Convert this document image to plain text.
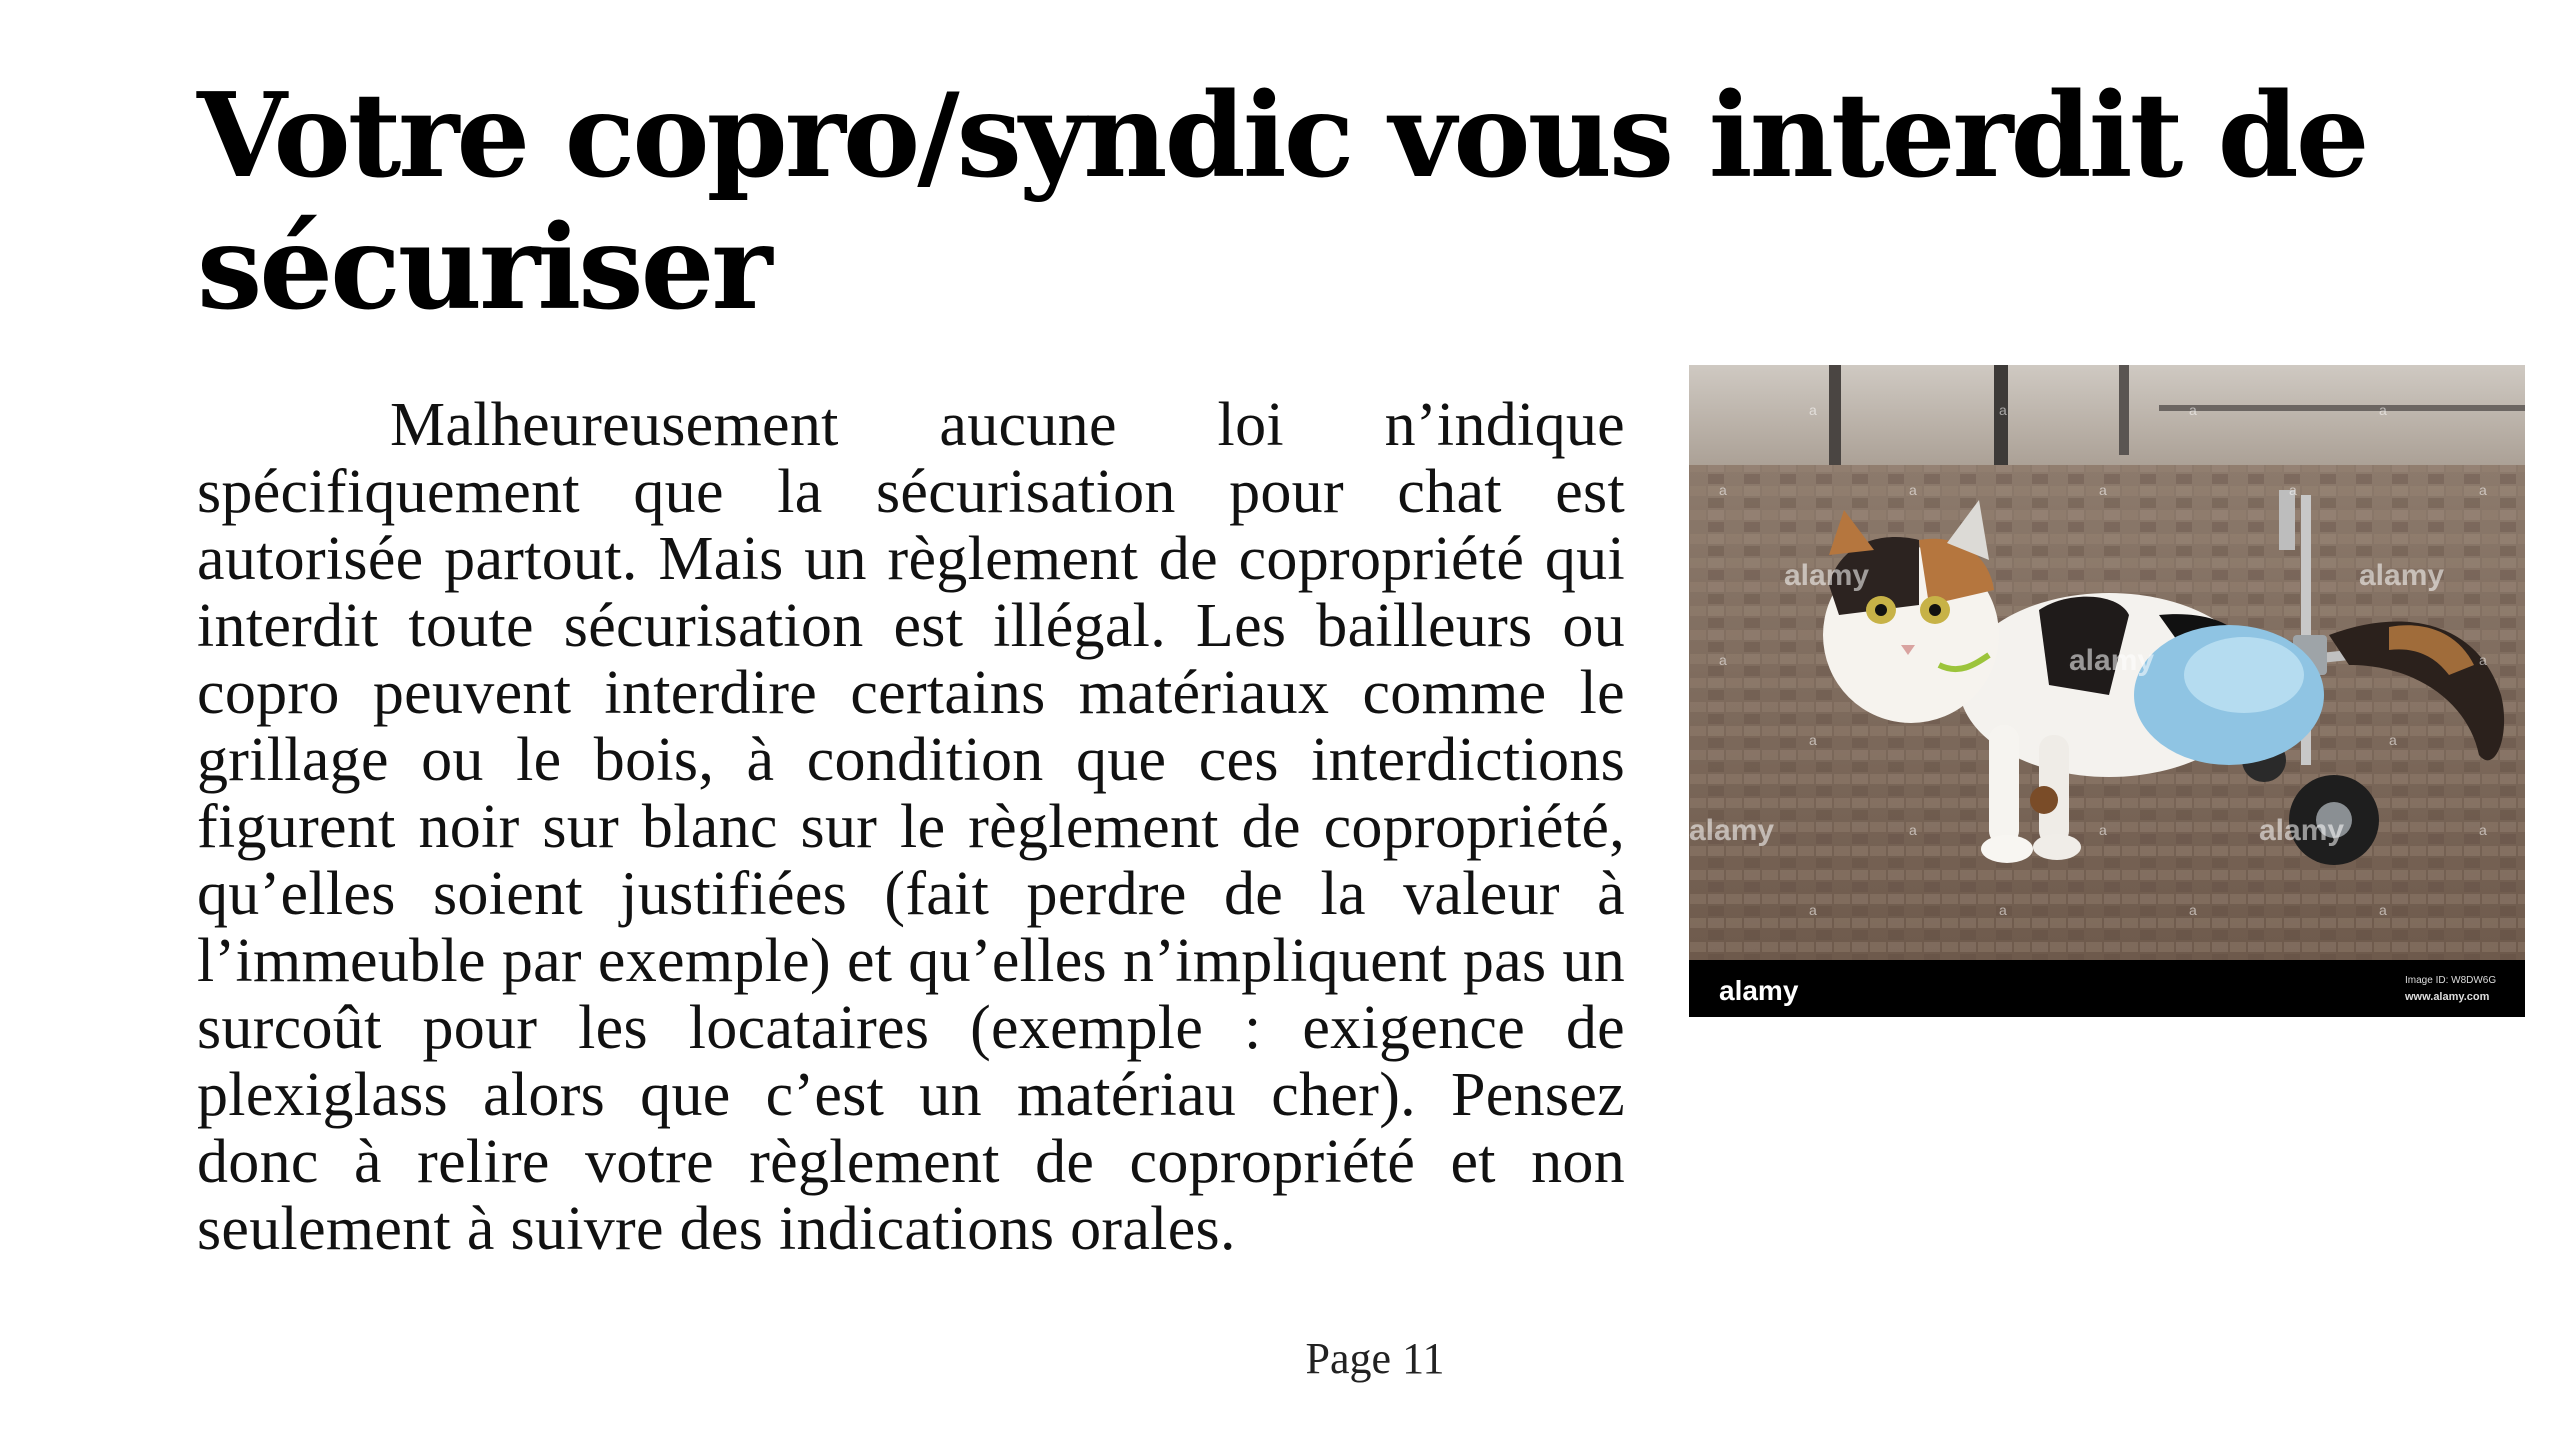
Votre copro/syndic vous interdit de sécuriser

Malheureusement aucune loi n’indique spécifiquement que la sécurisation pour chat est autorisée partout. Mais un règlement de copropriété qui interdit toute sécurisation est illégal. Les bailleurs ou copro peuvent interdire certains matériaux comme le grillage ou le bois, à condition que ces interdictions figurent noir sur blanc sur le règlement de copropriété, qu’elles soient justifiées (fait perdre de la valeur à l’immeuble par exemple) et qu’elles n’impliquent pas un surcoût pour les locataires (exemple : exigence de plexiglass alors que c’est un matériau cher). Pensez donc à relire votre règlement de copropriété et non seulement à suivre des indications orales.

a	a	a	a
a	a	a	a	a
a	a
a	a
a	a	a
a	a	a	a
alamy	alamy
alamy
alamy	alamy
alamy	Image ID: W8DW6G
www.alamy.com
Page 11
